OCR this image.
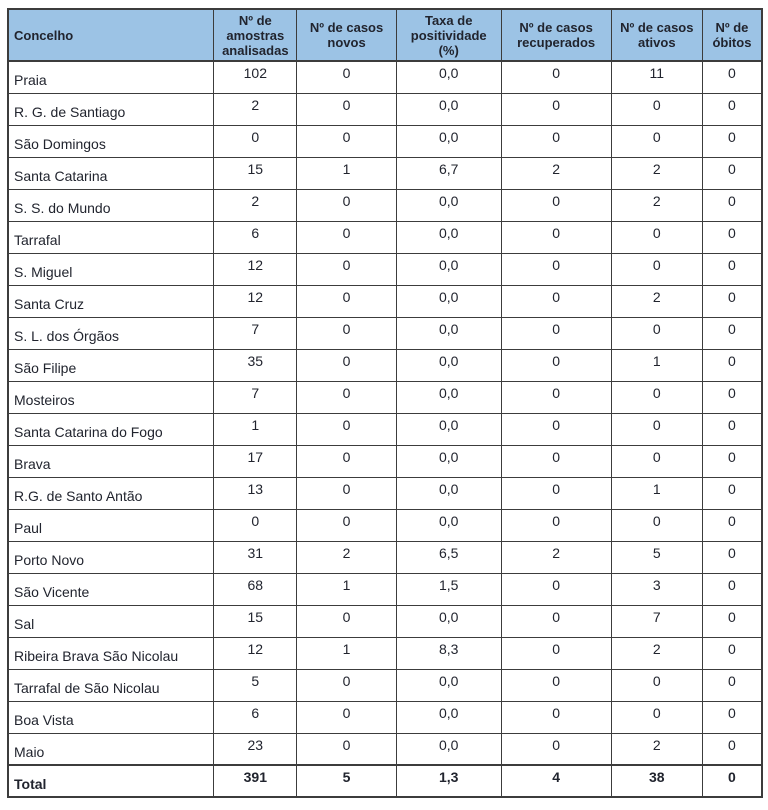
Concelho	Nº de amostras analisadas	Nº de casos novos	Taxa de positividade (%)	Nº de casos recuperados	Nº de casos ativos	Nº de óbitos
Praia	102	0	0,0	0	11	0
R. G. de Santiago	2	0	0,0	0	0	0
São Domingos	0	0	0,0	0	0	0
Santa Catarina	15	1	6,7	2	2	0
S. S. do Mundo	2	0	0,0	0	2	0
Tarrafal	6	0	0,0	0	0	0
S. Miguel	12	0	0,0	0	0	0
Santa Cruz	12	0	0,0	0	2	0
S. L. dos Órgãos	7	0	0,0	0	0	0
São Filipe	35	0	0,0	0	1	0
Mosteiros	7	0	0,0	0	0	0
Santa Catarina do Fogo	1	0	0,0	0	0	0
Brava	17	0	0,0	0	0	0
R.G. de Santo Antão	13	0	0,0	0	1	0
Paul	0	0	0,0	0	0	0
Porto Novo	31	2	6,5	2	5	0
São Vicente	68	1	1,5	0	3	0
Sal	15	0	0,0	0	7	0
Ribeira Brava São Nicolau	12	1	8,3	0	2	0
Tarrafal de São Nicolau	5	0	0,0	0	0	0
Boa Vista	6	0	0,0	0	0	0
Maio	23	0	0,0	0	2	0
Total	391	5	1,3	4	38	0
